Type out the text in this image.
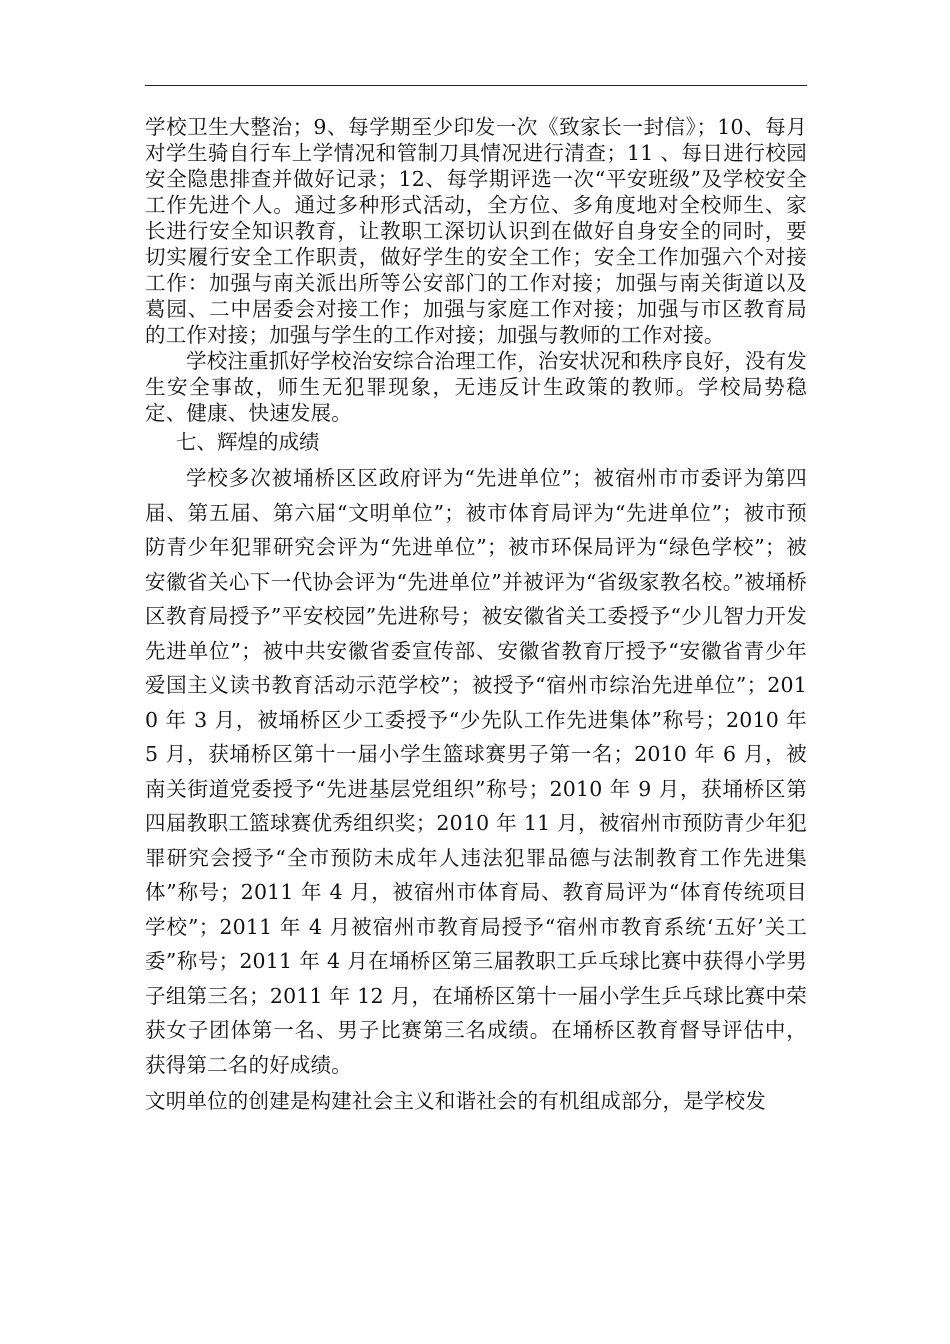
学校卫生大整治；9、每学期至少印发一次《致家长一封信》；10、每月对学生骑自行车上学情况和管制刀具情况进行清查；11 、每日进行校园安全隐患排查并做好记录；12、每学期评选一次“平安班级”及学校安全工作先进个人。通过多种形式活动，全方位、多角度地对全校师生、家长进行安全知识教育，让教职工深切认识到在做好自身安全的同时，要切实履行安全工作职责，做好学生的安全工作；安全工作加强六个对接工作：加强与南关派出所等公安部门的工作对接；加强与南关街道以及葛园、二中居委会对接工作；加强与家庭工作对接；加强与市区教育局的工作对接；加强与学生的工作对接；加强与教师的工作对接。

学校注重抓好学校治安综合治理工作，治安状况和秩序良好，没有发生安全事故，师生无犯罪现象，无违反计生政策的教师。学校局势稳定、健康、快速发展。

七、辉煌的成绩

学校多次被埇桥区区政府评为“先进单位”；被宿州市市委评为第四届、第五届、第六届“文明单位”；被市体育局评为“先进单位”；被市预防青少年犯罪研究会评为“先进单位”；被市环保局评为“绿色学校”；被安徽省关心下一代协会评为“先进单位”并被评为“省级家教名校。”被埇桥区教育局授予”平安校园”先进称号；被安徽省关工委授予“少儿智力开发先进单位”；被中共安徽省委宣传部、安徽省教育厅授予“安徽省青少年爱国主义读书教育活动示范学校”；被授予“宿州市综治先进单位”；2010 年 3 月，被埇桥区少工委授予“少先队工作先进集体”称号；2010 年 5 月，获埇桥区第十一届小学生篮球赛男子第一名；2010 年 6 月，被南关街道党委授予“先进基层党组织”称号；2010 年 9 月，获埇桥区第四届教职工篮球赛优秀组织奖；2010 年 11 月，被宿州市预防青少年犯罪研究会授予“全市预防未成年人违法犯罪品德与法制教育工作先进集体”称号；2011 年 4 月，被宿州市体育局、教育局评为“体育传统项目学校”；2011 年 4 月被宿州市教育局授予“宿州市教育系统‘五好’关工委”称号；2011 年 4 月在埇桥区第三届教职工乒乓球比赛中获得小学男子组第三名；2011 年 12 月，在埇桥区第十一届小学生乒乓球比赛中荣获女子团体第一名、男子比赛第三名成绩。在埇桥区教育督导评估中，获得第二名的好成绩。

文明单位的创建是构建社会主义和谐社会的有机组成部分，是学校发
